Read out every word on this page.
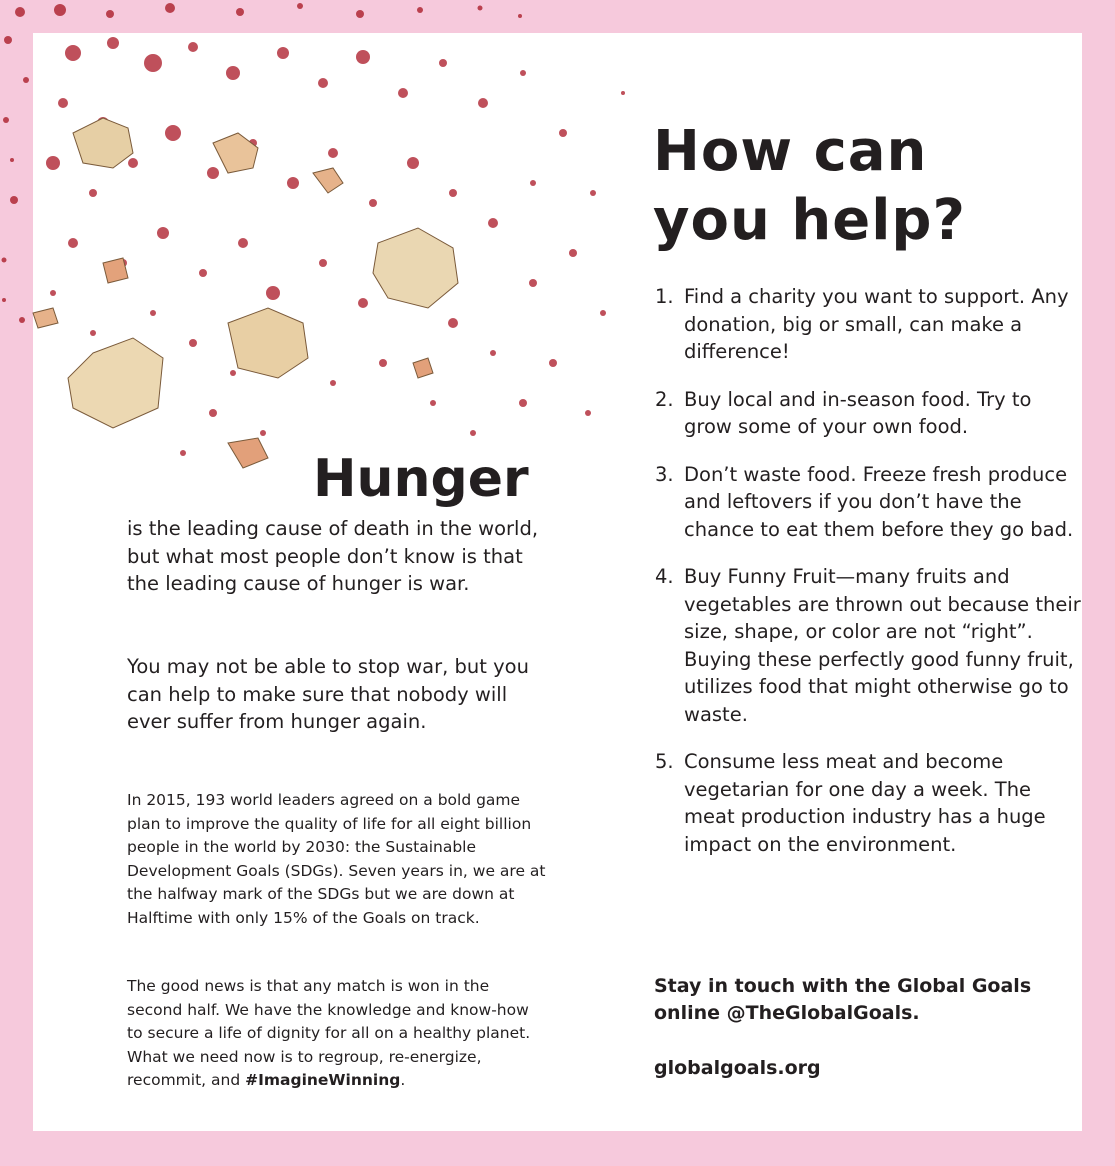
Hunger

is the leading cause of death in the world, but what most people don’t know is that the leading cause of hunger is war.

You may not be able to stop war, but you can help to make sure that nobody will ever suffer from hunger again.

In 2015, 193 world leaders agreed on a bold game plan to improve the quality of life for all eight billion people in the world by 2030: the Sustainable Development Goals (SDGs). Seven years in, we are at the halfway mark of the SDGs but we are down at Halftime with only 15% of the Goals on track.

The good news is that any match is won in the second half. We have the knowledge and know-how to secure a life of dignity for all on a healthy planet. What we need now is to regroup, re-energize, recommit, and #ImagineWinning.

How can
you help?
1. Find a charity you want to support. Any donation, big or small, can make a difference!
2. Buy local and in-season food. Try to grow some of your own food.
3. Don’t waste food. Freeze fresh produce and leftovers if you don’t have the chance to eat them before they go bad.
4. Buy Funny Fruit—many fruits and vegetables are thrown out because their size, shape, or color are not “right”. Buying these perfectly good funny fruit, utilizes food that might otherwise go to waste.
5. Consume less meat and become vegetarian for one day a week. The meat production industry has a huge impact on the environment.

Stay in touch with the Global Goals online @TheGlobalGoals.

globalgoals.org
